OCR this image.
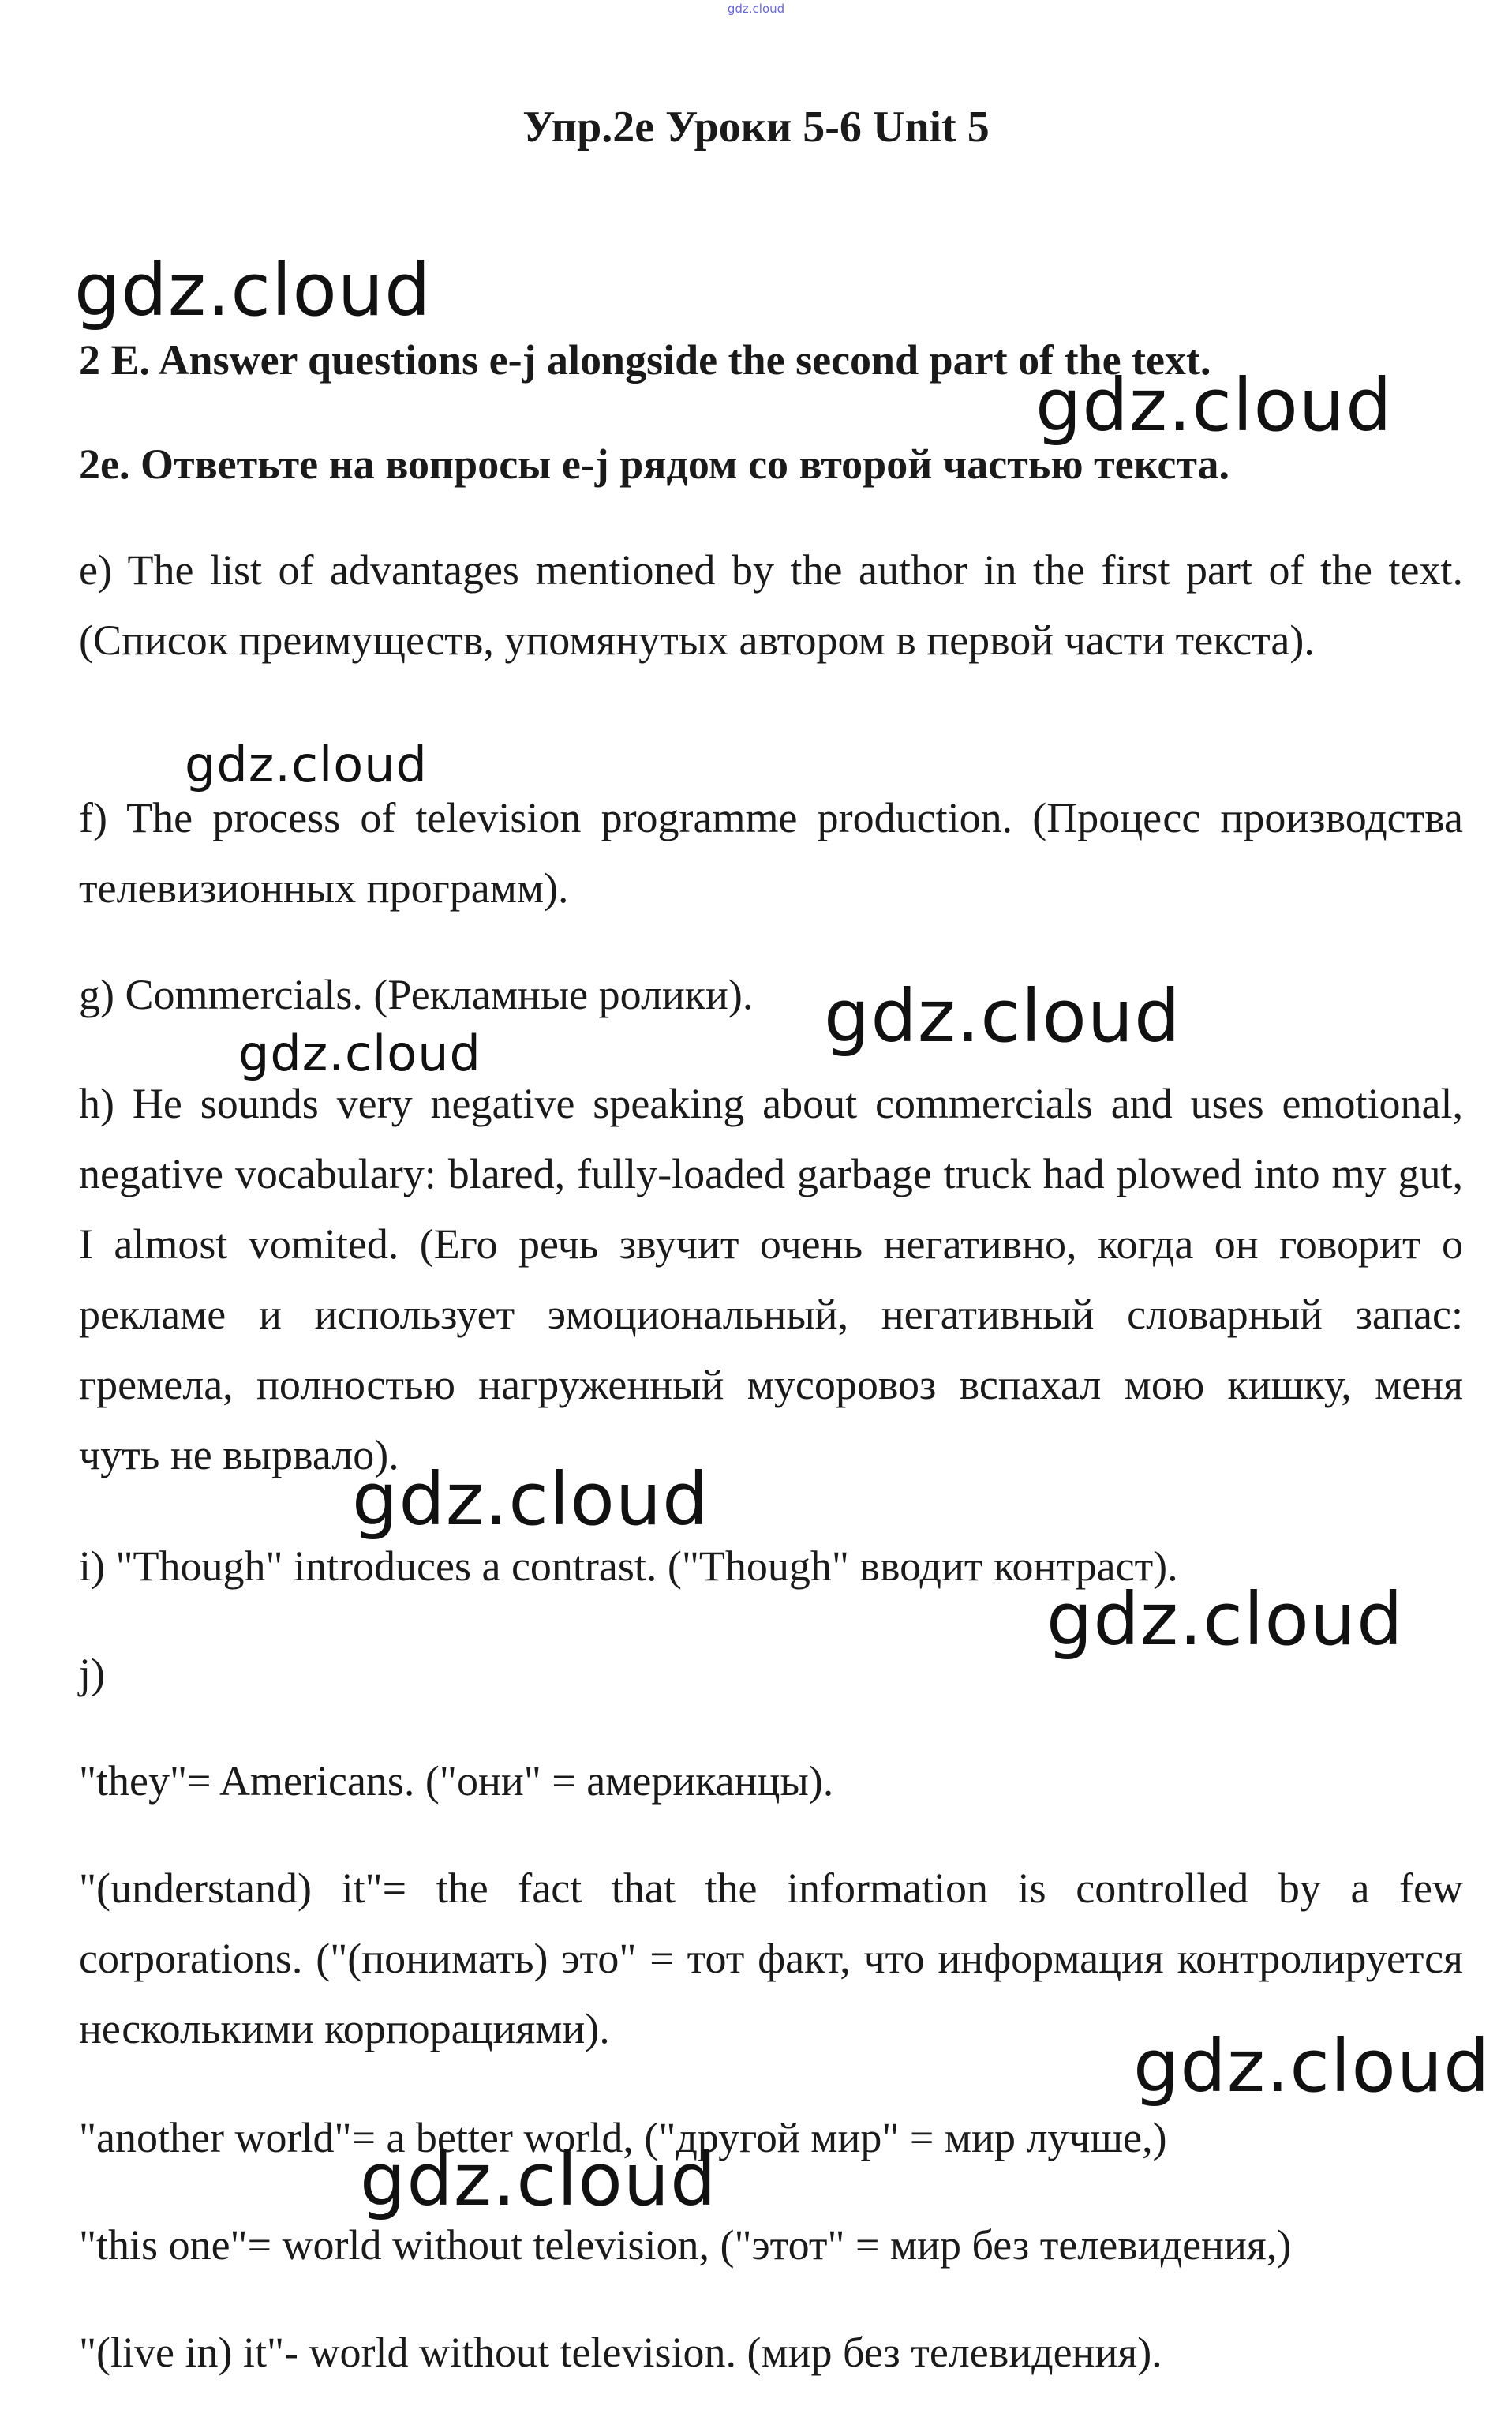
gdz.cloud
Упр.2e Уроки 5-6 Unit 5

2 E. Answer questions e-j alongside the second part of the text.

2e. Ответьте на вопросы e-j рядом со второй частью текста.

e) The list of advantages mentioned by the author in the first part of the text. (Список преимуществ, упомянутых автором в первой части текста).

f) The process of television programme production. (Процесс производства телевизионных программ).

g) Commercials. (Рекламные ролики).

h) He sounds very negative speaking about commercials and uses emotional, negative vocabulary: blared, fully-loaded garbage truck had plowed into my gut, I almost vomited. (Его речь звучит очень негативно, когда он говорит о рекламе и использует эмоциональный, негативный словарный запас: гремела, полностью нагруженный мусоровоз вспахал мою кишку, меня чуть не вырвало).

i) "Though" introduces a contrast. ("Though" вводит контраст).

j)

"they"= Americans. ("они" = американцы).

"(understand) it"= the fact that the information is controlled by a few corporations. ("(понимать) это" = тот факт, что информация контролируется несколькими корпорациями).

"another world"= a better world, ("другой мир" = мир лучше,)

"this one"= world without television, ("этот" = мир без телевидения,)

"(live in) it"- world without television. (мир без телевидения).

gdz.cloud
gdz.cloud
gdz.cloud
gdz.cloud
gdz.cloud
gdz.cloud
gdz.cloud
gdz.cloud
gdz.cloud
